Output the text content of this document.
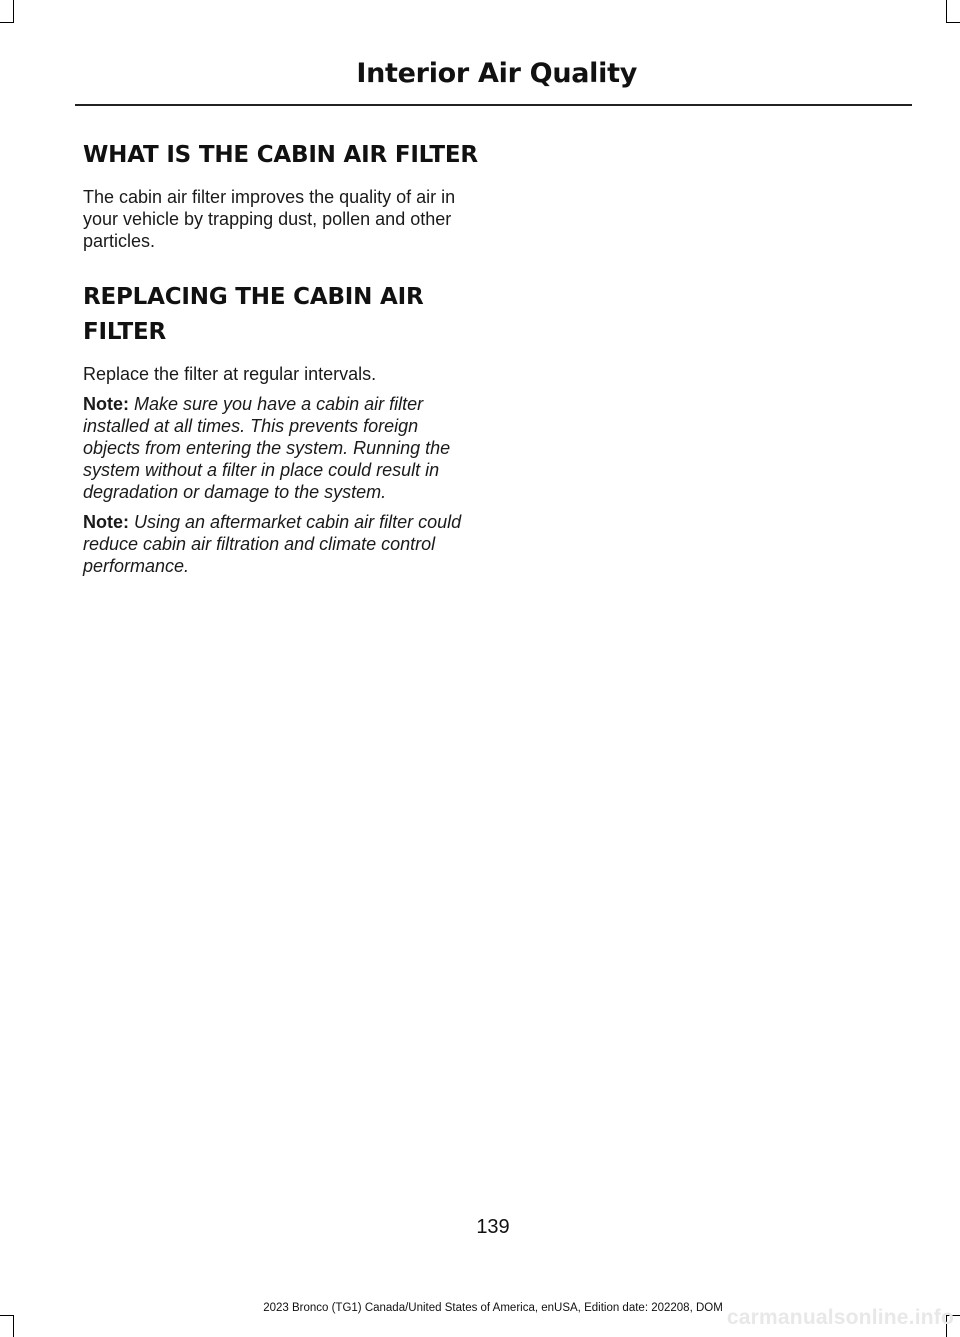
Interior Air Quality
WHAT IS THE CABIN AIR FILTER

The cabin air filter improves the quality of air in your vehicle by trapping dust, pollen and other particles.

REPLACING THE CABIN AIR FILTER

Replace the filter at regular intervals.

Note: Make sure you have a cabin air filter installed at all times. This prevents foreign objects from entering the system. Running the system without a filter in place could result in degradation or damage to the system.

Note: Using an aftermarket cabin air filter could reduce cabin air filtration and climate control performance.

139
2023 Bronco (TG1) Canada/United States of America, enUSA, Edition date: 202208, DOM carmanualsonline.info
